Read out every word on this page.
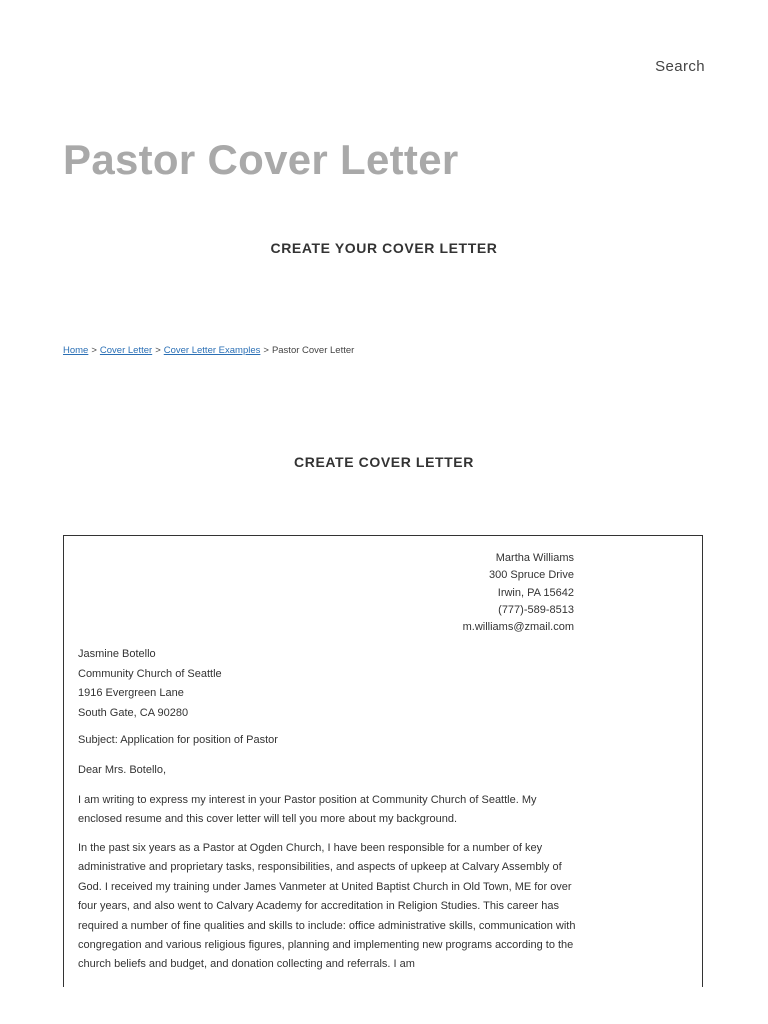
Search
Pastor Cover Letter
CREATE YOUR COVER LETTER
Home > Cover Letter > Cover Letter Examples > Pastor Cover Letter
CREATE COVER LETTER
Martha Williams
300 Spruce Drive
Irwin, PA 15642
(777)-589-8513
m.williams@zmail.com
Jasmine Botello
Community Church of Seattle
1916 Evergreen Lane
South Gate, CA 90280

Subject: Application for position of Pastor

Dear Mrs. Botello,

I am writing to express my interest in your Pastor position at Community Church of Seattle. My enclosed resume and this cover letter will tell you more about my background.

In the past six years as a Pastor at Ogden Church, I have been responsible for a number of key administrative and proprietary tasks, responsibilities, and aspects of upkeep at Calvary Assembly of God. I received my training under James Vanmeter at United Baptist Church in Old Town, ME for over four years, and also went to Calvary Academy for accreditation in Religion Studies. This career has required a number of fine qualities and skills to include: office administrative skills, communication with congregation and various religious figures, planning and implementing new programs according to the church beliefs and budget, and donation collecting and referrals. I am
